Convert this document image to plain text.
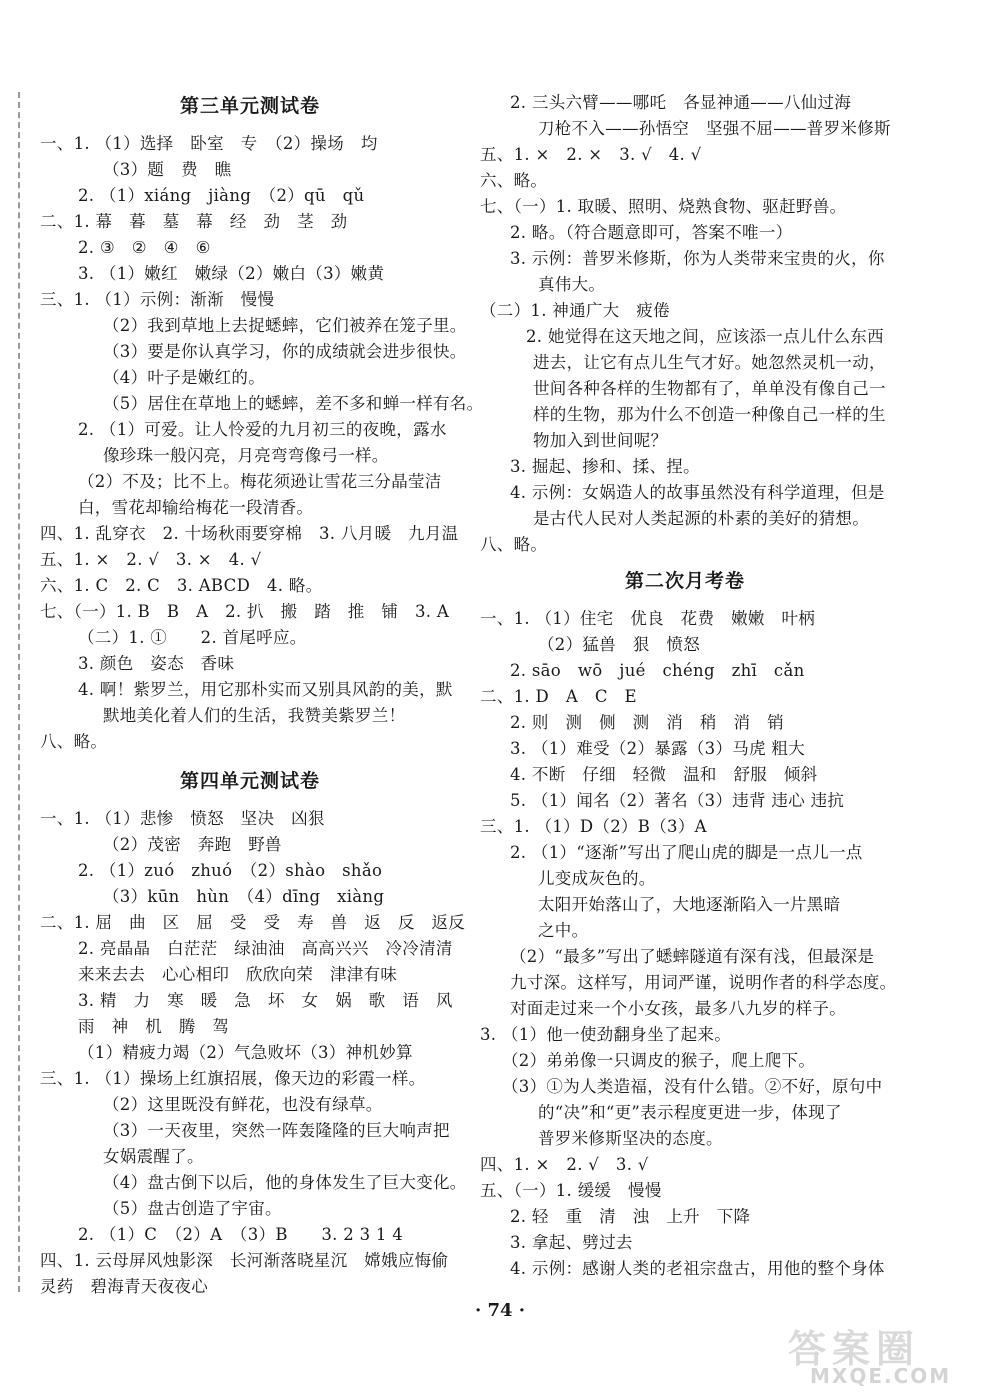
第三单元测试卷
一、1. （1）选择　卧室　专　（2）操场　均
（3）题　费　瞧
2. （1）xiáng　jiàng　（2）qū　qǔ
二、1. 幕　暮　墓　幕　经　劲　茎　劲
2. ③　②　④　⑥
3. （1）嫩红　嫩绿（2）嫩白（3）嫩黄
三、1. （1）示例：渐渐　慢慢
（2）我到草地上去捉蟋蟀，它们被养在笼子里。
（3）要是你认真学习，你的成绩就会进步很快。
（4）叶子是嫩红的。
（5）居住在草地上的蟋蟀，差不多和蝉一样有名。
2. （1）可爱。让人怜爱的九月初三的夜晚，露水
像珍珠一般闪亮，月亮弯弯像弓一样。
（2）不及；比不上。梅花须逊让雪花三分晶莹洁
白，雪花却输给梅花一段清香。
四、1. 乱穿衣　2. 十场秋雨要穿棉　3. 八月暖　九月温
五、1. ×　2. √　3. ×　4. √
六、1. C　2. C　3. ABCD　4. 略。
七、（一）1. B　B　A　2. 扒　搬　踏　推　铺　3. A
（二）1. ①　　2. 首尾呼应。
3. 颜色　姿态　香味
4. 啊！紫罗兰，用它那朴实而又别具风韵的美，默
默地美化着人们的生活，我赞美紫罗兰！
八、略。
第四单元测试卷
一、1. （1）悲惨　愤怒　坚决　凶狠
（2）茂密　奔跑　野兽
2. （1）zuó　zhuó　（2）shào　shǎo
（3）kūn　hùn　（4）dīng　xiàng
二、1. 屈　曲　区　屈　受　受　寿　兽　返　反　返反
2. 亮晶晶　白茫茫　绿油油　高高兴兴　冷冷清清
来来去去　心心相印　欣欣向荣　津津有味
3. 精　力　寒　暖　急　坏　女　娲　歌　语　风
雨　神　机　腾　驾
（1）精疲力竭（2）气急败坏（3）神机妙算
三、1. （1）操场上红旗招展，像天边的彩霞一样。
（2）这里既没有鲜花，也没有绿草。
（3）一天夜里，突然一阵轰隆隆的巨大响声把
女娲震醒了。
（4）盘古倒下以后，他的身体发生了巨大变化。
（5）盘古创造了宇宙。
2. （1）C　（2）A　（3）B　　3. 2 3 1 4
四、1. 云母屏风烛影深　长河渐落晓星沉　嫦娥应悔偷
灵药　碧海青天夜夜心
2. 三头六臂——哪吒　各显神通——八仙过海
刀枪不入——孙悟空　坚强不屈——普罗米修斯
五、1. ×　2. ×　3. √　4. √
六、略。
七、（一）1. 取暖、照明、烧熟食物、驱赶野兽。
2. 略。（符合题意即可，答案不唯一）
3. 示例：普罗米修斯，你为人类带来宝贵的火，你
真伟大。
（二）1. 神通广大　疲倦
2. 她觉得在这天地之间，应该添一点儿什么东西
进去，让它有点儿生气才好。她忽然灵机一动，
世间各种各样的生物都有了，单单没有像自己一
样的生物，那为什么不创造一种像自己一样的生
物加入到世间呢？
3. 掘起、掺和、揉、捏。
4. 示例：女娲造人的故事虽然没有科学道理，但是
是古代人民对人类起源的朴素的美好的猜想。
八、略。
第二次月考卷
一、1. （1）住宅　优良　花费　嫩嫩　叶柄
（2）猛兽　狠　愤怒
2. sāo　wō　jué　chéng　zhī　cǎn
二、1. D　A　C　E
2. 则　测　侧　测　消　稍　消　销
3. （1）难受（2）暴露（3）马虎 粗大
4. 不断　仔细　轻微　温和　舒服　倾斜
5. （1）闻名（2）著名（3）违背 违心 违抗
三、1. （1）D（2）B（3）A
2. （1）“逐渐”写出了爬山虎的脚是一点儿一点
儿变成灰色的。
太阳开始落山了，大地逐渐陷入一片黑暗
之中。
（2）“最多”写出了蟋蟀隧道有深有浅，但最深是
九寸深。这样写，用词严谨，说明作者的科学态度。
对面走过来一个小女孩，最多八九岁的样子。
3. （1）他一使劲翻身坐了起来。
（2）弟弟像一只调皮的猴子，爬上爬下。
（3）①为人类造福，没有什么错。②不好，原句中
的“决”和“更”表示程度更进一步，体现了
普罗米修斯坚决的态度。
四、1. ×　2. √　3. √
五、（一）1. 缓缓　慢慢
2. 轻　重　清　浊　上升　下降
3. 拿起、劈过去
4. 示例：感谢人类的老祖宗盘古，用他的整个身体
· 74 ·
答案圈
MXQE.COM
